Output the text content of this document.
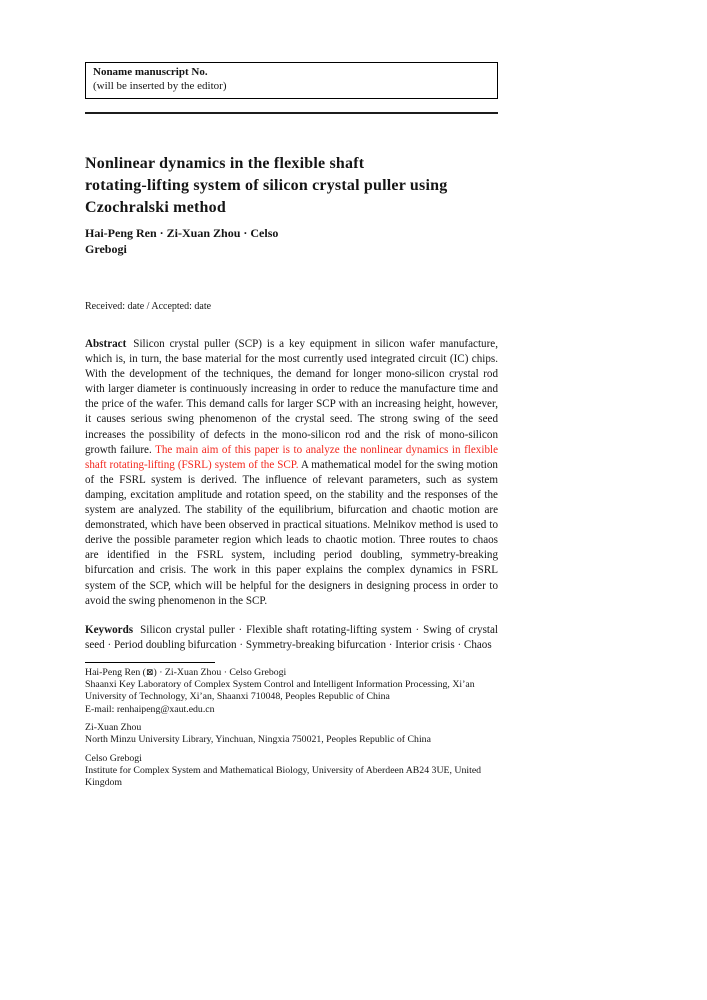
Noname manuscript No.
(will be inserted by the editor)
Nonlinear dynamics in the flexible shaft
rotating-lifting system of silicon crystal puller using
Czochralski method
Hai-Peng Ren · Zi-Xuan Zhou · Celso
Grebogi
Received: date / Accepted: date

Abstract Silicon crystal puller (SCP) is a key equipment in silicon wafer manufacture, which is, in turn, the base material for the most currently used integrated circuit (IC) chips. With the development of the techniques, the demand for longer mono-silicon crystal rod with larger diameter is continuously increasing in order to reduce the manufacture time and the price of the wafer. This demand calls for larger SCP with an increasing height, however, it causes serious swing phenomenon of the crystal seed. The strong swing of the seed increases the possibility of defects in the mono-silicon rod and the risk of mono-silicon growth failure. The main aim of this paper is to analyze the nonlinear dynamics in flexible shaft rotating-lifting (FSRL) system of the SCP. A mathematical model for the swing motion of the FSRL system is derived. The influence of relevant parameters, such as system damping, excitation amplitude and rotation speed, on the stability and the responses of the system are analyzed. The stability of the equilibrium, bifurcation and chaotic motion are demonstrated, which have been observed in practical situations. Melnikov method is used to derive the possible parameter region which leads to chaotic motion. Three routes to chaos are identified in the FSRL system, including period doubling, symmetry-breaking bifurcation and crisis. The work in this paper explains the complex dynamics in FSRL system of the SCP, which will be helpful for the designers in designing process in order to avoid the swing phenomenon in the SCP.

Keywords Silicon crystal puller · Flexible shaft rotating-lifting system · Swing of crystal seed · Period doubling bifurcation · Symmetry-breaking bifurcation · Interior crisis · Chaos

Hai-Peng Ren (⊠) · Zi-Xuan Zhou · Celso Grebogi
Shaanxi Key Laboratory of Complex System Control and Intelligent Information Processing, Xi’an University of Technology, Xi’an, Shaanxi 710048, Peoples Republic of China
E-mail: renhaipeng@xaut.edu.cn
Zi-Xuan Zhou
North Minzu University Library, Yinchuan, Ningxia 750021, Peoples Republic of China
Celso Grebogi
Institute for Complex System and Mathematical Biology, University of Aberdeen AB24 3UE, United Kingdom
